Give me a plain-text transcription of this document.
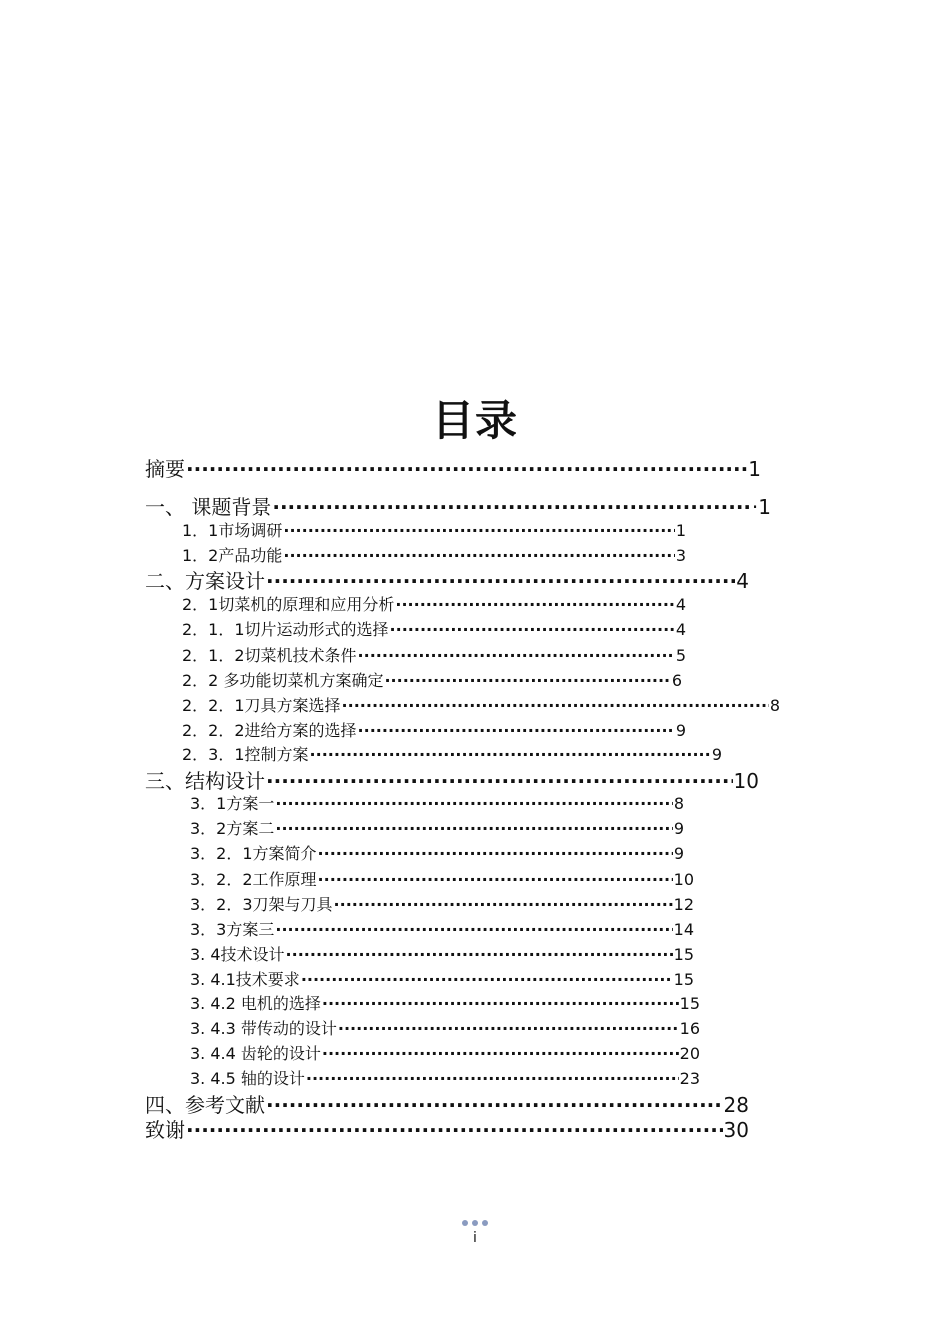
目录
摘要 ·····	1
一、 课题背景 ·····	·1
1．1市场调研 ·····	1
1．2产品功能 ·····	3
二、方案设计 ·····	4
2．1切菜机的原理和应用分析 ·····	4
2．1．1切片运动形式的选择 ·····	4
2．1．2切菜机技术条件 ·····	5
2．2 多功能切菜机方案确定 ·····	6
2．2．1刀具方案选择 ·····	8
2．2．2进给方案的选择 ·····	9
2．3．1控制方案 ·····	9
三、结构设计 ·····	10
3．1方案一 ·····	8
3．2方案二 ·····	9
3．2．1方案简介 ·····	9
3．2．2工作原理 ·····	10
3．2．3刀架与刀具 ·····	12
3．3方案三 ·····	14
3. 4技术设计 ·····	15
3. 4.1技术要求 ·····	15
3. 4.2 电机的选择 ·····	15
3. 4.3 带传动的设计 ·····	16
3. 4.4 齿轮的设计 ·····	20
3. 4.5 轴的设计 ·····	23
四、参考文献 ·····	28
致谢 ·····	30
i
